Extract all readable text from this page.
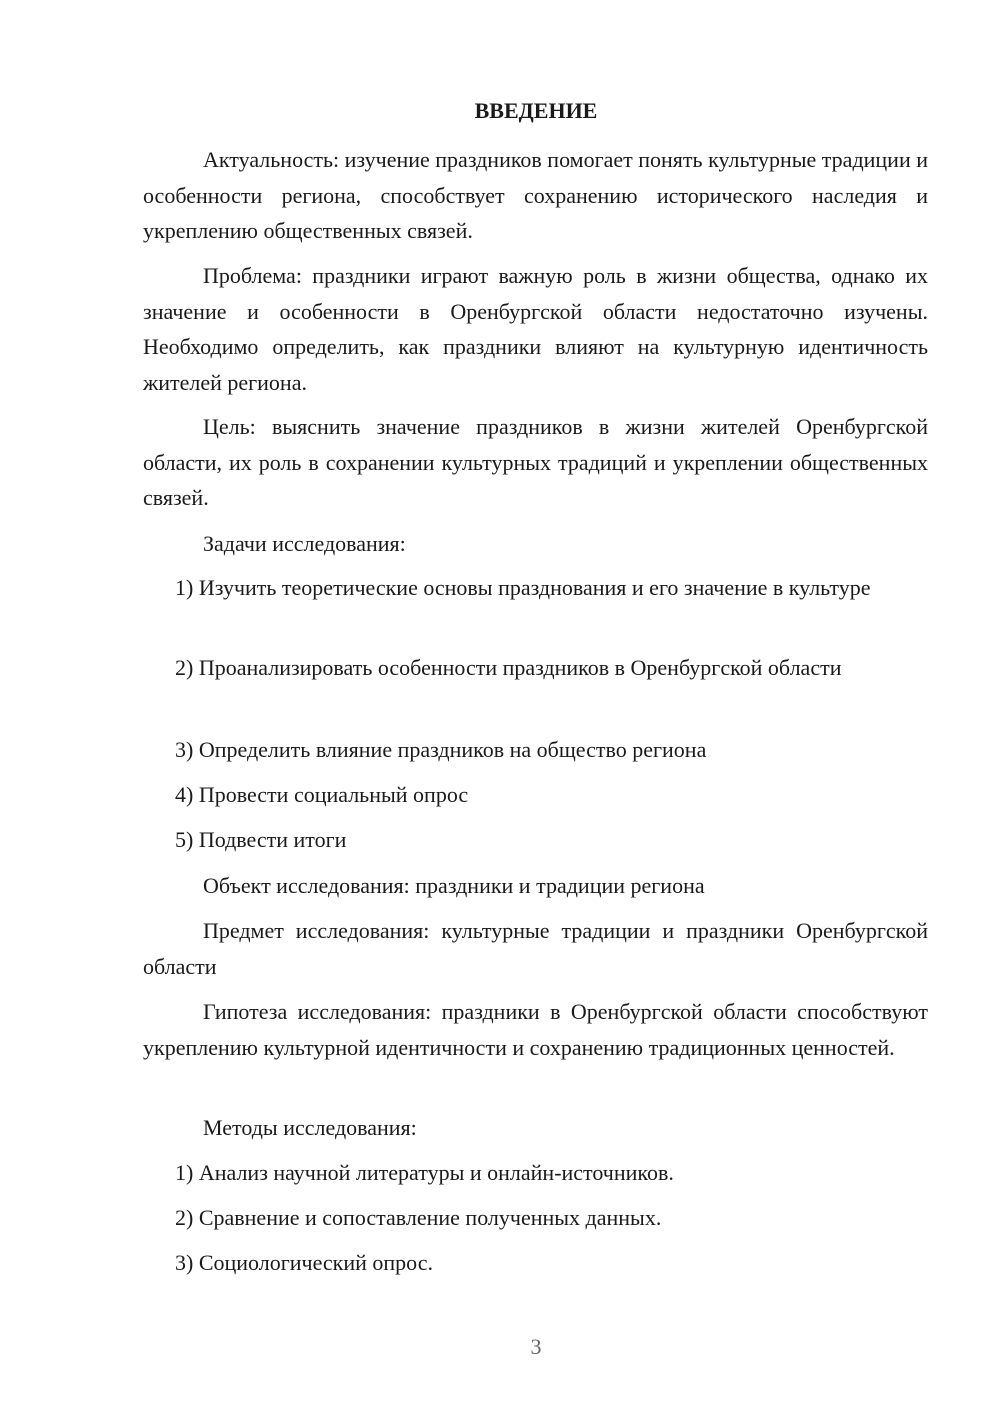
ВВЕДЕНИЕ

Актуальность: изучение праздников помогает понять культурные традиции и особенности региона, способствует сохранению исторического наследия и укреплению общественных связей.

Проблема: праздники играют важную роль в жизни общества, однако их значение и особенности в Оренбургской области недостаточно изучены. Необходимо определить, как праздники влияют на культурную идентичность жителей региона.

Цель: выяснить значение праздников в жизни жителей Оренбургской области, их роль в сохранении культурных традиций и укреплении общественных связей.

Задачи исследования:

1) Изучить теоретические основы празднования и его значение в культуре

2) Проанализировать особенности праздников в Оренбургской области

3) Определить влияние праздников на общество региона

4) Провести социальный опрос

5) Подвести итоги

Объект исследования: праздники и традиции региона

Предмет исследования: культурные традиции и праздники Оренбургской области

Гипотеза исследования: праздники в Оренбургской области способствуют укреплению культурной идентичности и сохранению традиционных ценностей.

Методы исследования:

1) Анализ научной литературы и онлайн-источников.

2) Сравнение и сопоставление полученных данных.

3) Социологический опрос.

3
